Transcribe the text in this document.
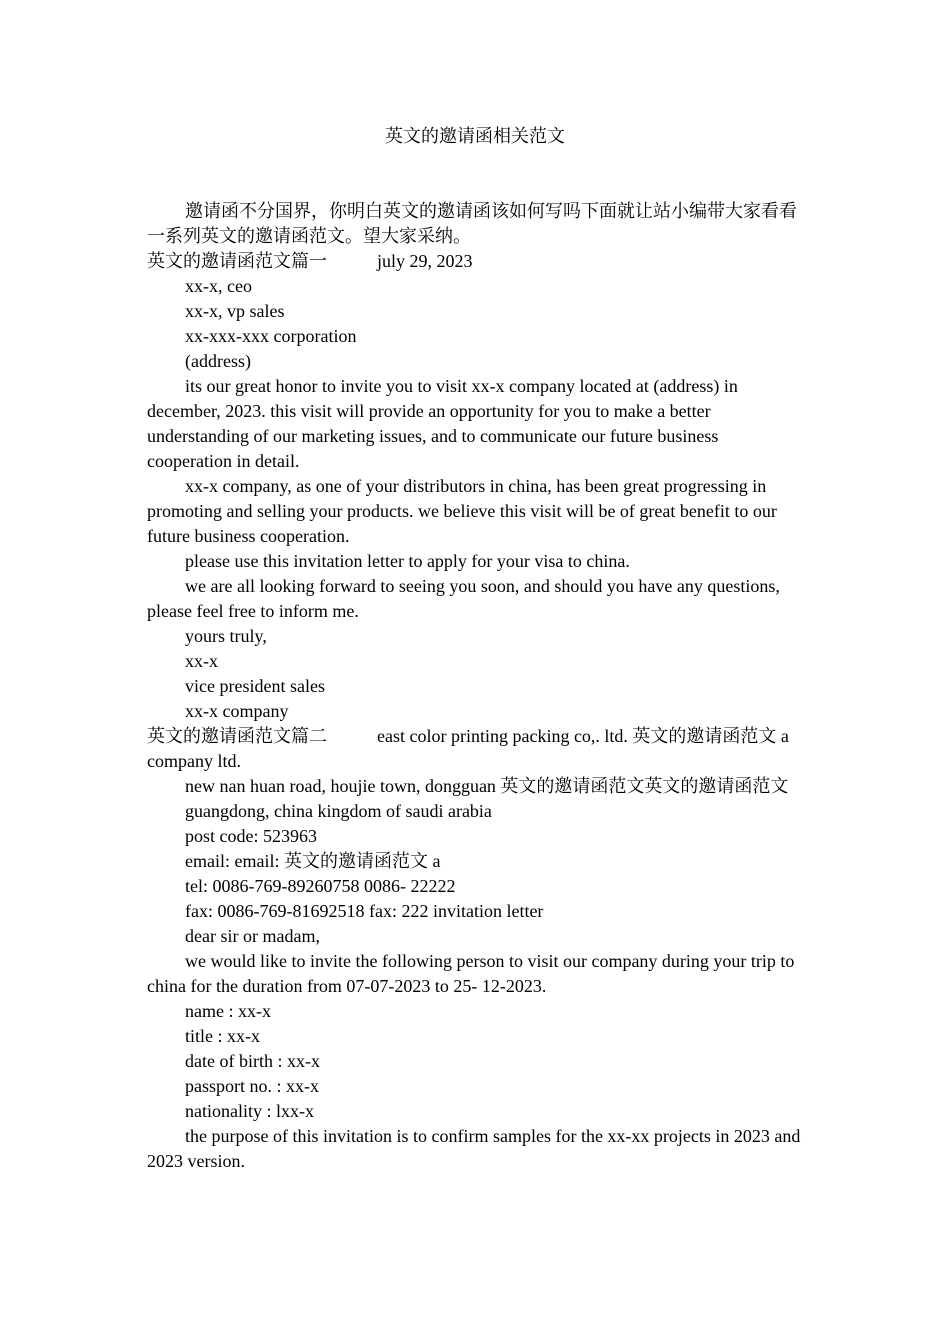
英文的邀请函相关范文

邀请函不分国界，你明白英文的邀请函该如何写吗下面就让站小编带大家看看一系列英文的邀请函范文。望大家采纳。

英文的邀请函范文篇一	july 29, 2023

xx-x, ceo

xx-x, vp sales

xx-xxx-xxx corporation

(address)

its our great honor to invite you to visit xx-x company located at (address) in december, 2023. this visit will provide an opportunity for you to make a better understanding of our marketing issues, and to communicate our future business cooperation in detail.

xx-x company, as one of your distributors in china, has been great progressing in promoting and selling your products. we believe this visit will be of great benefit to our future business cooperation.

please use this invitation letter to apply for your visa to china.

we are all looking forward to seeing you soon, and should you have any questions, please feel free to inform me.

yours truly,

xx-x

vice president sales

xx-x company

英文的邀请函范文篇二	east color printing packing co,. ltd. 英文的邀请函范文 a company ltd.

new nan huan road, houjie town, dongguan 英文的邀请函范文英文的邀请函范文

guangdong, china kingdom of saudi arabia

post code: 523963

email: email: 英文的邀请函范文 a

tel: 0086-769-89260758 0086- 22222

fax: 0086-769-81692518 fax: 222 invitation letter

dear sir or madam,

we would like to invite the following person to visit our company during your trip to china for the duration from 07-07-2023 to 25- 12-2023.

name : xx-x

title : xx-x

date of birth : xx-x

passport no. : xx-x

nationality : lxx-x

the purpose of this invitation is to confirm samples for the xx-xx projects in 2023 and 2023 version.
